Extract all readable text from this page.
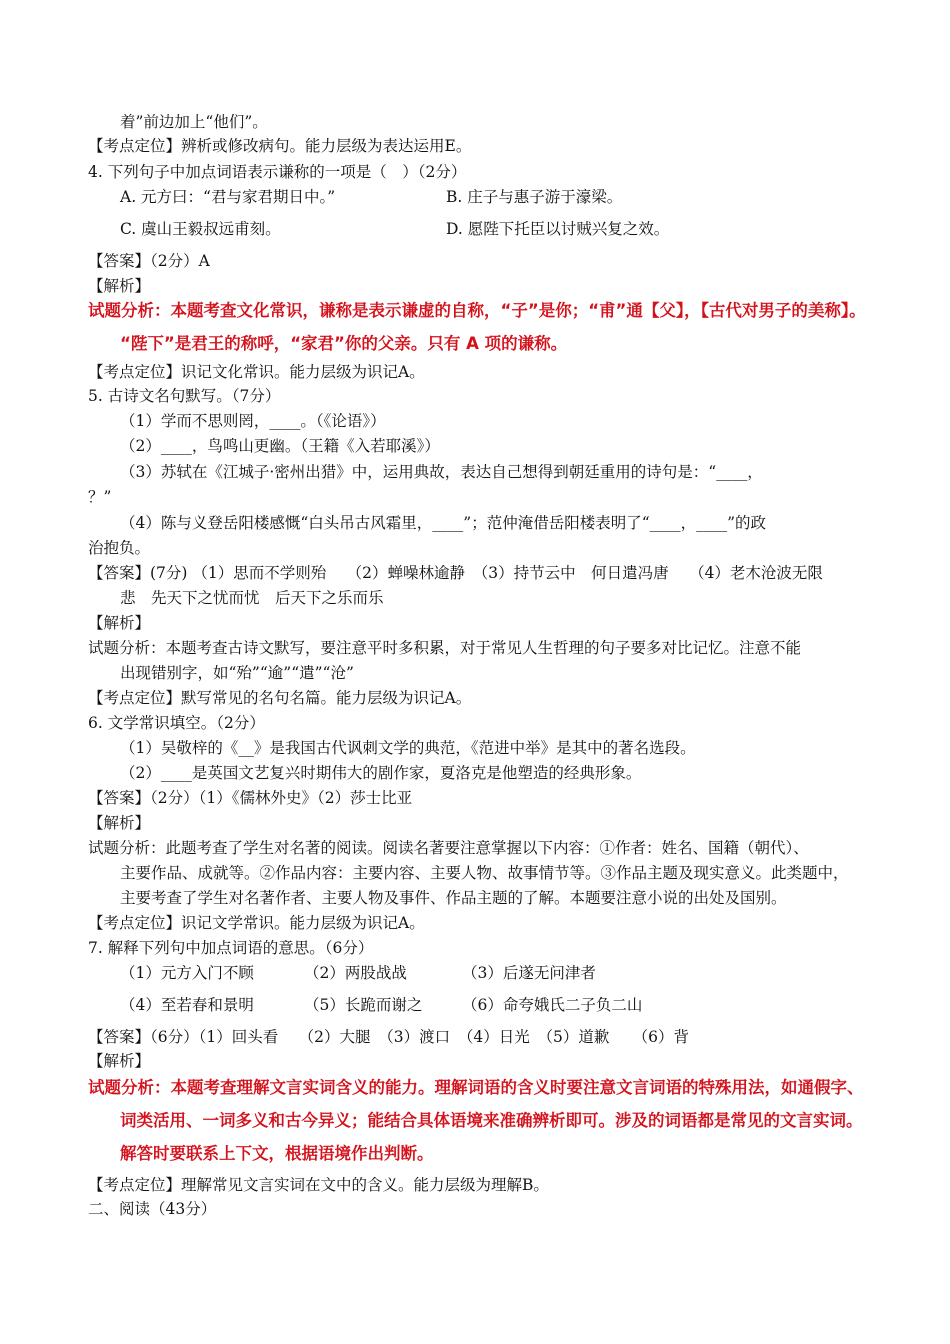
着”前边加上“他们”。
【考点定位】辨析或修改病句。能力层级为表达运用E。
4. 下列句子中加点词语表示谦称的一项是（　）（2分）
A. 元方曰：“君与家君期日中。”	B. 庄子与惠子游于濠梁。
C. 虞山王毅叔远甫刻。	D. 愿陛下托臣以讨贼兴复之效。
【答案】（2分）A
【解析】
试题分析：本题考查文化常识，谦称是表示谦虚的自称，“子”是你；“甫”通【父】，【古代对男子的美称】。
“陛下”是君王的称呼，“家君”你的父亲。只有 A 项的谦称。
【考点定位】识记文化常识。能力层级为识记A。
5. 古诗文名句默写。（7分）
（1）学而不思则罔，____。（《论语》）
（2）____，鸟鸣山更幽。（王籍《入若耶溪》）
（3）苏轼在《江城子·密州出猎》中，运用典故，表达自己想得到朝廷重用的诗句是：“____，
？”
（4）陈与义登岳阳楼感慨“白头吊古风霜里，____”；范仲淹借岳阳楼表明了“____，____”的政
治抱负。
【答案】(7分) （1）思而不学则殆　 （2）蝉噪林逾静　（3）持节云中　何日遣冯唐　 （4）老木沧波无限
悲　先天下之忧而忧　后天下之乐而乐
【解析】
试题分析：本题考查古诗文默写，要注意平时多积累，对于常见人生哲理的句子要多对比记忆。注意不能
出现错别字，如“殆”“逾”“遣”“沧”
【考点定位】默写常见的名句名篇。能力层级为识记A。
6. 文学常识填空。（2分）
（1）吴敬梓的《__》是我国古代讽刺文学的典范，《范进中举》是其中的著名选段。
（2）____是英国文艺复兴时期伟大的剧作家，夏洛克是他塑造的经典形象。
【答案】（2分）（1）《儒林外史》（2）莎士比亚
【解析】
试题分析：此题考查了学生对名著的阅读。阅读名著要注意掌握以下内容：①作者：姓名、国籍（朝代）、
主要作品、成就等。②作品内容：主要内容、主要人物、故事情节等。③作品主题及现实意义。此类题中，
主要考查了学生对名著作者、主要人物及事件、作品主题的了解。本题要注意小说的出处及国别。
【考点定位】识记文学常识。能力层级为识记A。
7. 解释下列句中加点词语的意思。（6分）
（1）元方入门不顾	（2）两股战战	（3）后遂无问津者
（4）至若春和景明	（5）长跪而谢之	（6）命夸娥氏二子负二山
【答案】（6分）（1）回头看　 （2）大腿　（3）渡口　（4）日光　（5）道歉　　（6）背
【解析】
试题分析：本题考查理解文言实词含义的能力。理解词语的含义时要注意文言词语的特殊用法，如通假字、
词类活用、一词多义和古今异义；能结合具体语境来准确辨析即可。涉及的词语都是常见的文言实词。
解答时要联系上下文，根据语境作出判断。
【考点定位】理解常见文言实词在文中的含义。能力层级为理解B。
二、阅读（43分）
